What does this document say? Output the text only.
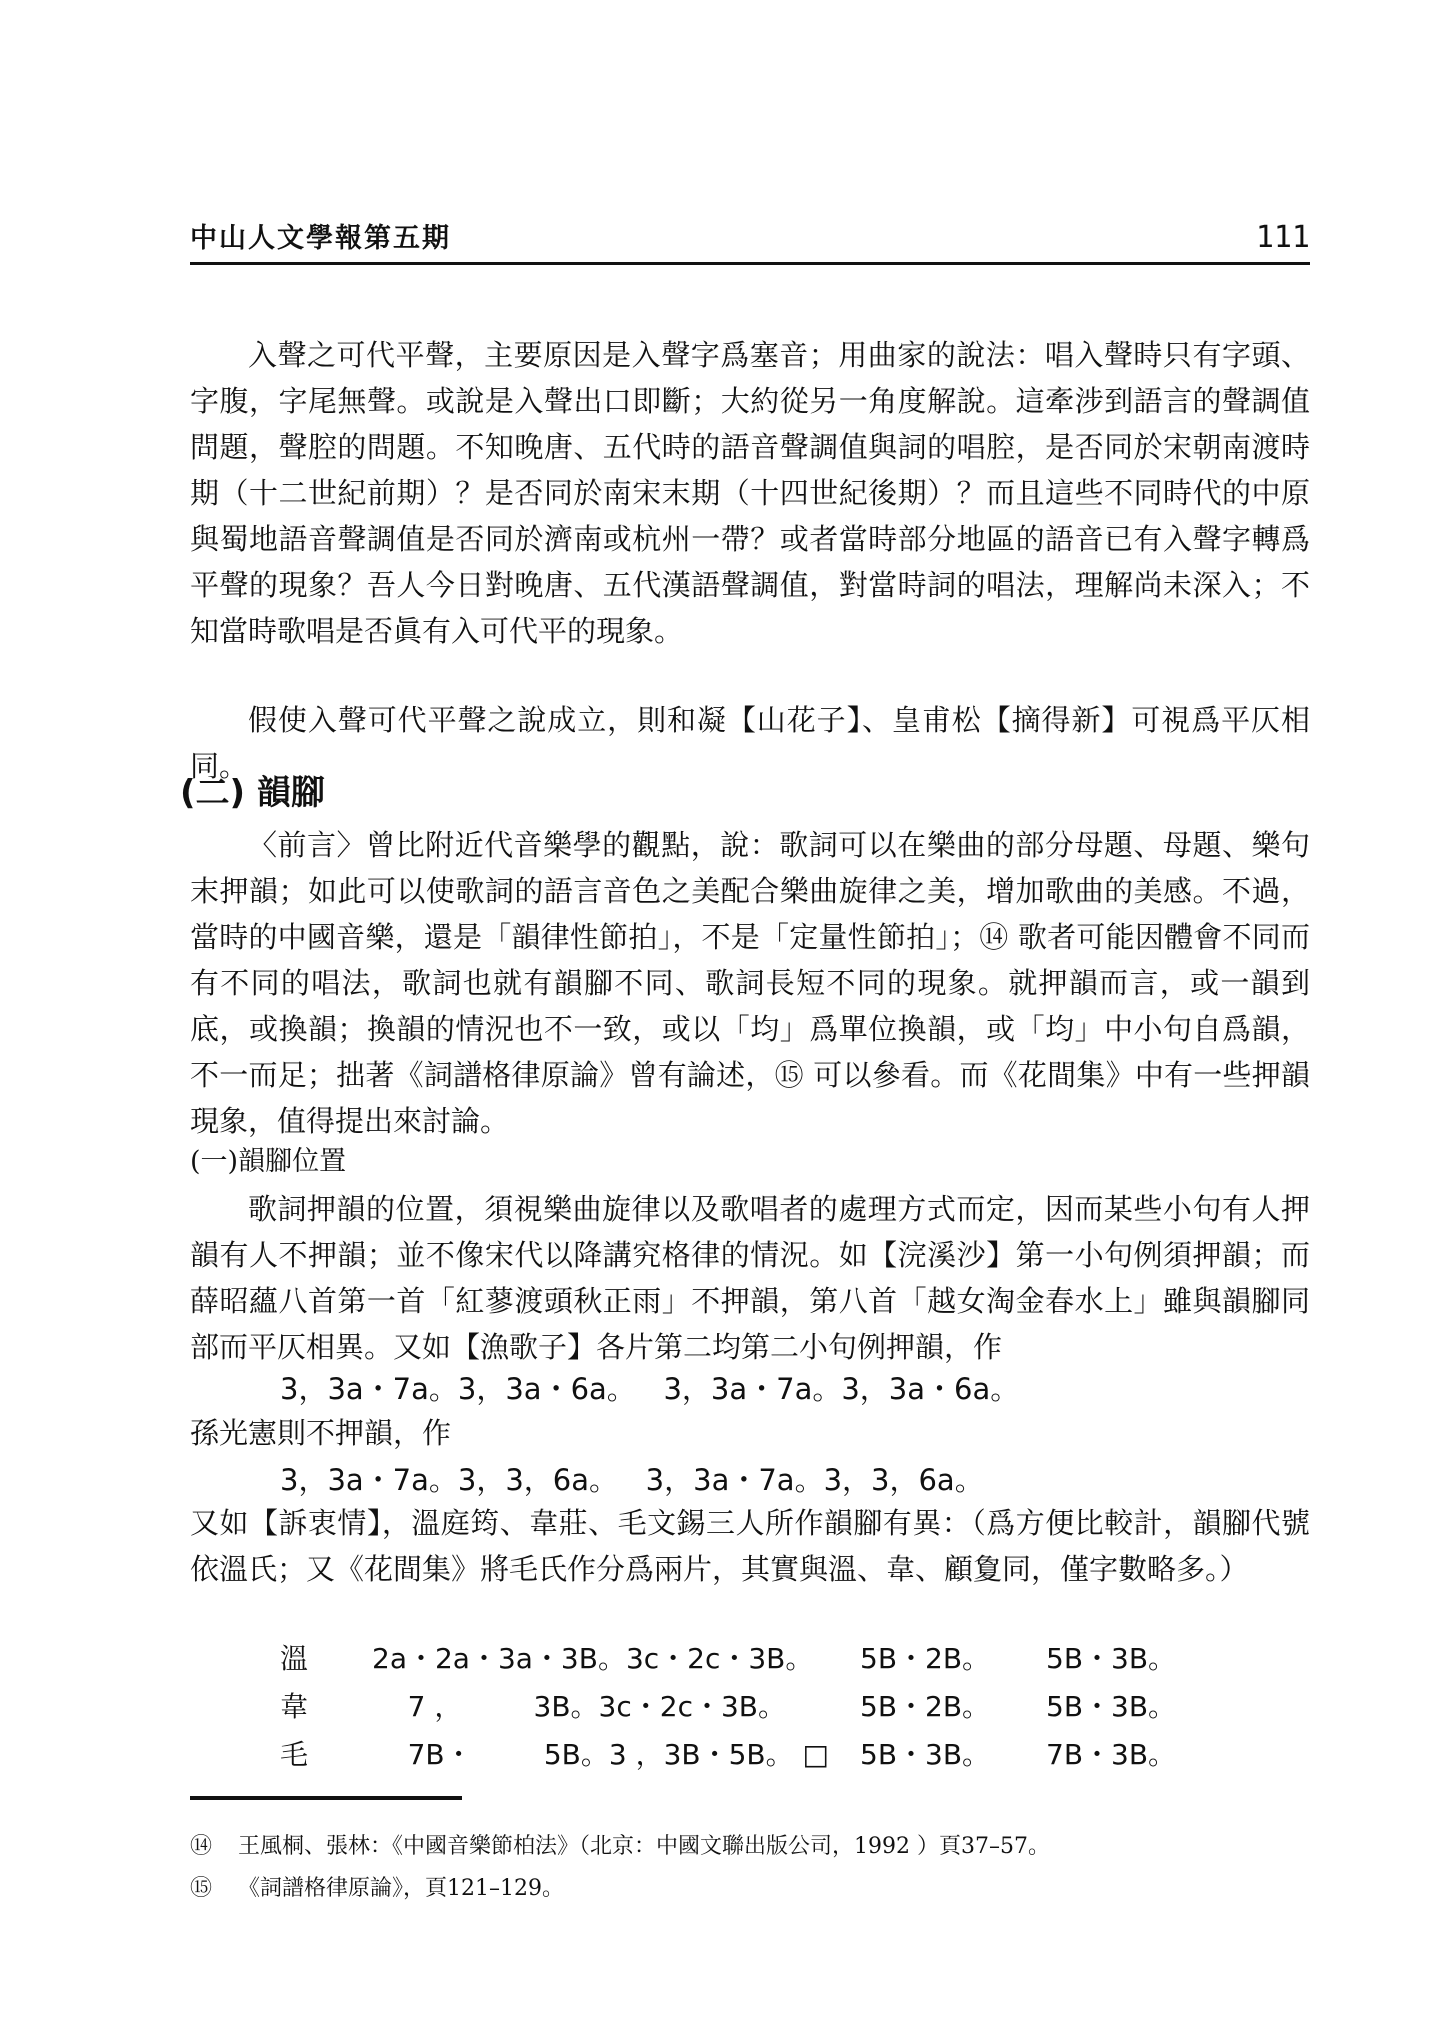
中山人文學報第五期	111

入聲之可代平聲，主要原因是入聲字爲塞音；用曲家的說法：唱入聲時只有字頭、字腹，字尾無聲。或說是入聲出口即斷；大約從另一角度解說。這牽涉到語言的聲調值問題，聲腔的問題。不知晚唐、五代時的語音聲調值與詞的唱腔，是否同於宋朝南渡時期（十二世紀前期）？是否同於南宋末期（十四世紀後期）？而且這些不同時代的中原與蜀地語音聲調值是否同於濟南或杭州一帶？或者當時部分地區的語音已有入聲字轉爲平聲的現象？吾人今日對晚唐、五代漢語聲調值，對當時詞的唱法，理解尚未深入；不知當時歌唱是否眞有入可代平的現象。

假使入聲可代平聲之說成立，則和凝【山花子】、皇甫松【摘得新】可視爲平仄相同。

(二) 韻腳

〈前言〉曾比附近代音樂學的觀點，說：歌詞可以在樂曲的部分母題、母題、樂句末押韻；如此可以使歌詞的語言音色之美配合樂曲旋律之美，增加歌曲的美感。不過，當時的中國音樂，還是「韻律性節拍」，不是「定量性節拍」；⑭ 歌者可能因體會不同而有不同的唱法，歌詞也就有韻腳不同、歌詞長短不同的現象。就押韻而言，或一韻到底，或換韻；換韻的情況也不一致，或以「均」爲單位換韻，或「均」中小句自爲韻，不一而足；拙著《詞譜格律原論》曾有論述，⑮ 可以參看。而《花間集》中有一些押韻現象，值得提出來討論。

(一)韻腳位置

歌詞押韻的位置，須視樂曲旋律以及歌唱者的處理方式而定，因而某些小句有人押韻有人不押韻；並不像宋代以降講究格律的情況。如【浣溪沙】第一小句例須押韻；而薛昭蘊八首第一首「紅蓼渡頭秋正雨」不押韻，第八首「越女淘金春水上」雖與韻腳同部而平仄相異。又如【漁歌子】各片第二均第二小句例押韻，作

3，3a・7a。3，3a・6a。   3，3a・7a。3，3a・6a。
孫光憲則不押韻，作
3，3a・7a。3，3，6a。   3，3a・7a。3，3，6a。

又如【訴衷情】，溫庭筠、韋莊、毛文錫三人所作韻腳有異：（爲方便比較計，韻腳代號依溫氏；又《花間集》將毛氏作分爲兩片，其實與溫、韋、顧夐同，僅字數略多。）

溫 2a・2a・3a・3B。3c・2c・3B。 5B・2B。 5B・3B。
韋 7 ，        3B。3c・2c・3B。	5B・2B。 5B・3B。
毛 7B・        5B。3 ，3B・5B。 □ 5B・3B。 7B・3B。
⑭	王風桐、張林：《中國音樂節柏法》（北京：中國文聯出版公司，1992 ）頁37–57。
⑮	《詞譜格律原論》，頁121–129。
